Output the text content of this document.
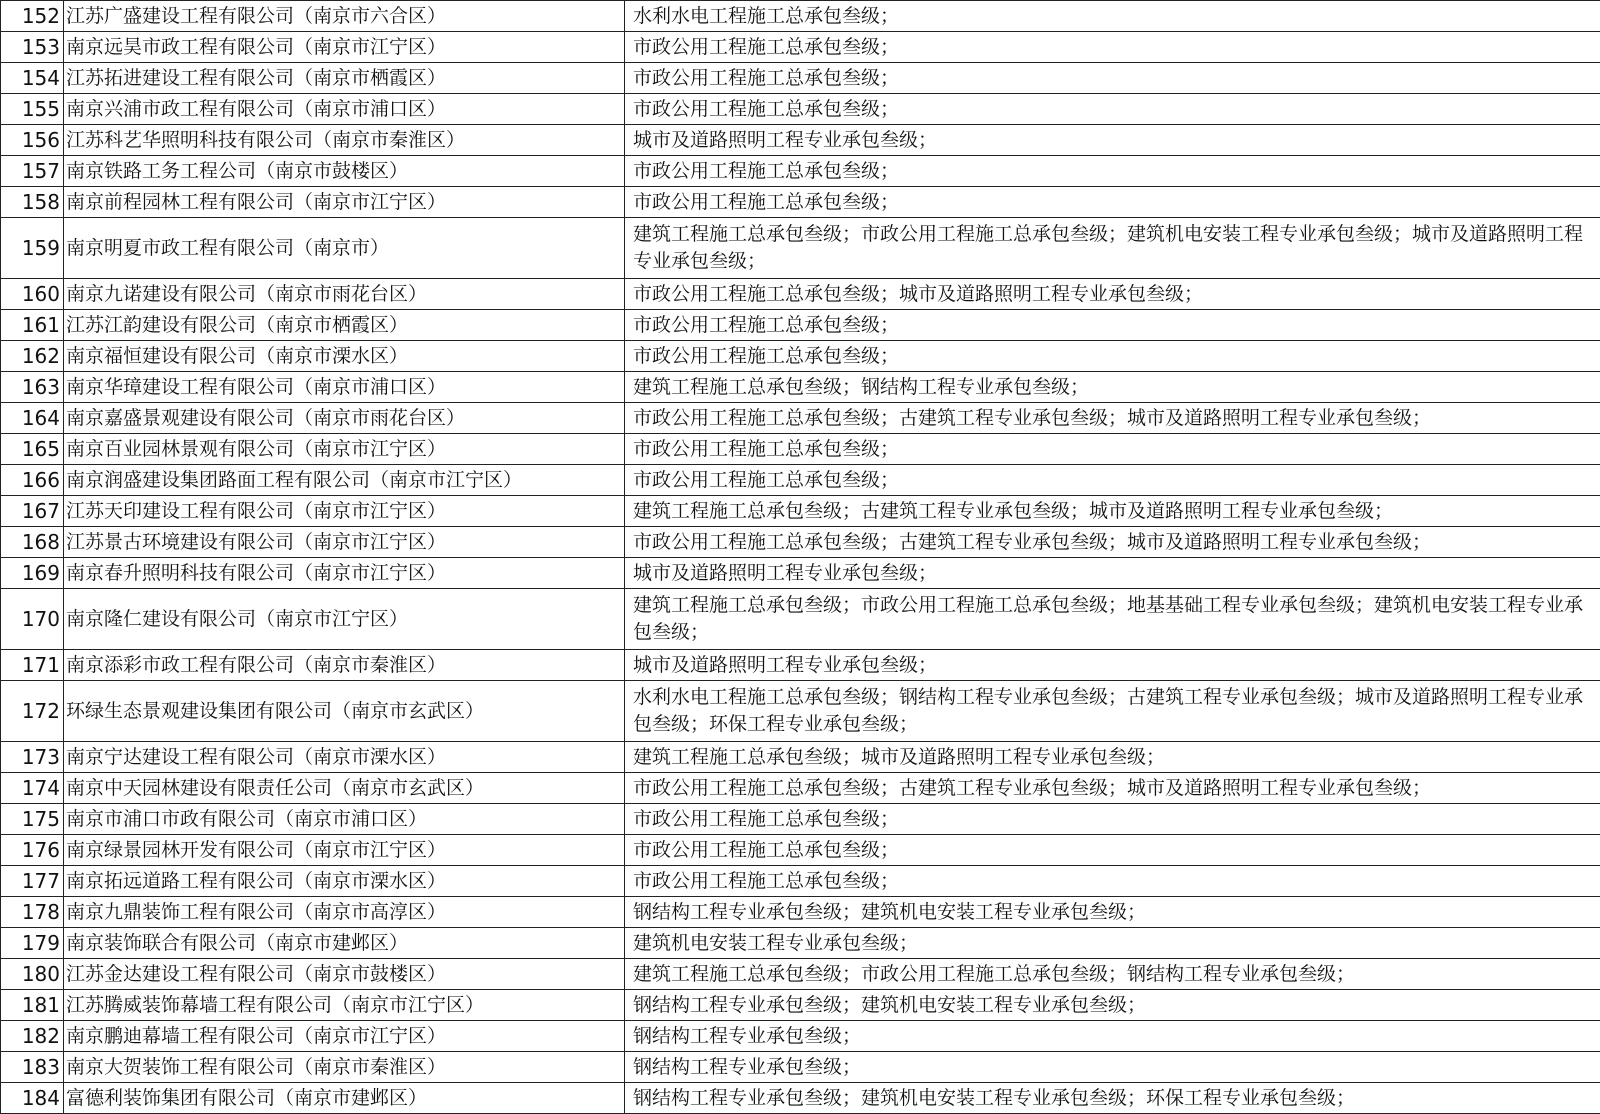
152	江苏广盛建设工程有限公司（南京市六合区）	水利水电工程施工总承包叁级；
153	南京远昊市政工程有限公司（南京市江宁区）	市政公用工程施工总承包叁级；
154	江苏拓进建设工程有限公司（南京市栖霞区）	市政公用工程施工总承包叁级；
155	南京兴浦市政工程有限公司（南京市浦口区）	市政公用工程施工总承包叁级；
156	江苏科艺华照明科技有限公司（南京市秦淮区）	城市及道路照明工程专业承包叁级；
157	南京铁路工务工程公司（南京市鼓楼区）	市政公用工程施工总承包叁级；
158	南京前程园林工程有限公司（南京市江宁区）	市政公用工程施工总承包叁级；
159	南京明夏市政工程有限公司（南京市）	建筑工程施工总承包叁级；市政公用工程施工总承包叁级；建筑机电安装工程专业承包叁级；城市及道路照明工程专业承包叁级；
160	南京九诺建设有限公司（南京市雨花台区）	市政公用工程施工总承包叁级；城市及道路照明工程专业承包叁级；
161	江苏江韵建设有限公司（南京市栖霞区）	市政公用工程施工总承包叁级；
162	南京福恒建设有限公司（南京市溧水区）	市政公用工程施工总承包叁级；
163	南京华璋建设工程有限公司（南京市浦口区）	建筑工程施工总承包叁级；钢结构工程专业承包叁级；
164	南京嘉盛景观建设有限公司（南京市雨花台区）	市政公用工程施工总承包叁级；古建筑工程专业承包叁级；城市及道路照明工程专业承包叁级；
165	南京百业园林景观有限公司（南京市江宁区）	市政公用工程施工总承包叁级；
166	南京润盛建设集团路面工程有限公司（南京市江宁区）	市政公用工程施工总承包叁级；
167	江苏天印建设工程有限公司（南京市江宁区）	建筑工程施工总承包叁级；古建筑工程专业承包叁级；城市及道路照明工程专业承包叁级；
168	江苏景古环境建设有限公司（南京市江宁区）	市政公用工程施工总承包叁级；古建筑工程专业承包叁级；城市及道路照明工程专业承包叁级；
169	南京春升照明科技有限公司（南京市江宁区）	城市及道路照明工程专业承包叁级；
170	南京隆仁建设有限公司（南京市江宁区）	建筑工程施工总承包叁级；市政公用工程施工总承包叁级；地基基础工程专业承包叁级；建筑机电安装工程专业承包叁级；
171	南京添彩市政工程有限公司（南京市秦淮区）	城市及道路照明工程专业承包叁级；
172	环绿生态景观建设集团有限公司（南京市玄武区）	水利水电工程施工总承包叁级；钢结构工程专业承包叁级；古建筑工程专业承包叁级；城市及道路照明工程专业承包叁级；环保工程专业承包叁级；
173	南京宁达建设工程有限公司（南京市溧水区）	建筑工程施工总承包叁级；城市及道路照明工程专业承包叁级；
174	南京中天园林建设有限责任公司（南京市玄武区）	市政公用工程施工总承包叁级；古建筑工程专业承包叁级；城市及道路照明工程专业承包叁级；
175	南京市浦口市政有限公司（南京市浦口区）	市政公用工程施工总承包叁级；
176	南京绿景园林开发有限公司（南京市江宁区）	市政公用工程施工总承包叁级；
177	南京拓远道路工程有限公司（南京市溧水区）	市政公用工程施工总承包叁级；
178	南京九鼎装饰工程有限公司（南京市高淳区）	钢结构工程专业承包叁级；建筑机电安装工程专业承包叁级；
179	南京装饰联合有限公司（南京市建邺区）	建筑机电安装工程专业承包叁级；
180	江苏金达建设工程有限公司（南京市鼓楼区）	建筑工程施工总承包叁级；市政公用工程施工总承包叁级；钢结构工程专业承包叁级；
181	江苏腾威装饰幕墙工程有限公司（南京市江宁区）	钢结构工程专业承包叁级；建筑机电安装工程专业承包叁级；
182	南京鹏迪幕墙工程有限公司（南京市江宁区）	钢结构工程专业承包叁级；
183	南京大贺装饰工程有限公司（南京市秦淮区）	钢结构工程专业承包叁级；
184	富德利装饰集团有限公司（南京市建邺区）	钢结构工程专业承包叁级；建筑机电安装工程专业承包叁级；环保工程专业承包叁级；
